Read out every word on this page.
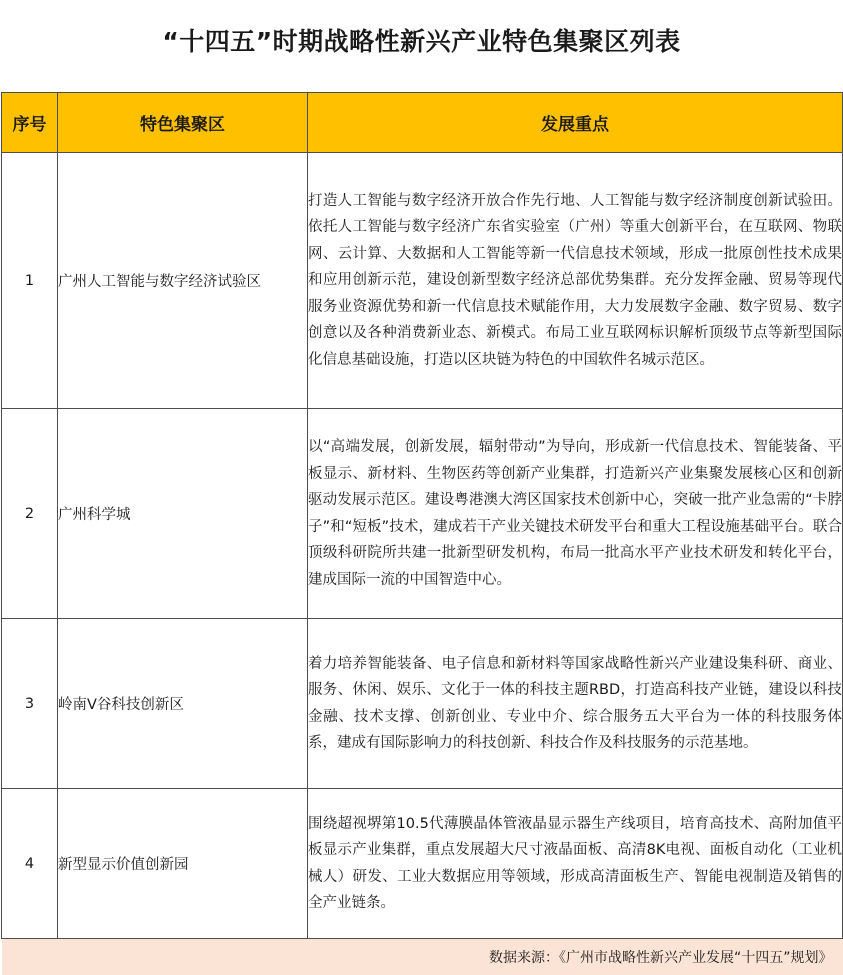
“十四五”时期战略性新兴产业特色集聚区列表
序号	特色集聚区	发展重点
1	广州人工智能与数字经济试验区	打造人工智能与数字经济开放合作先行地、人工智能与数字经济制度创新试验田。依托人工智能与数字经济广东省实验室（广州）等重大创新平台，在互联网、物联网、云计算、大数据和人工智能等新一代信息技术领域，形成一批原创性技术成果和应用创新示范，建设创新型数字经济总部优势集群。充分发挥金融、贸易等现代服务业资源优势和新一代信息技术赋能作用，大力发展数字金融、数字贸易、数字创意以及各种消费新业态、新模式。布局工业互联网标识解析顶级节点等新型国际化信息基础设施，打造以区块链为特色的中国软件名城示范区。
2	广州科学城	以“高端发展，创新发展，辐射带动”为导向，形成新一代信息技术、智能装备、平板显示、新材料、生物医药等创新产业集群，打造新兴产业集聚发展核心区和创新驱动发展示范区。建设粤港澳大湾区国家技术创新中心，突破一批产业急需的“卡脖子”和“短板”技术，建成若干产业关键技术研发平台和重大工程设施基础平台。联合顶级科研院所共建一批新型研发机构，布局一批高水平产业技术研发和转化平台，建成国际一流的中国智造中心。
3	岭南V谷科技创新区	着力培养智能装备、电子信息和新材料等国家战略性新兴产业建设集科研、商业、服务、休闲、娱乐、文化于一体的科技主题RBD，打造高科技产业链，建设以科技金融、技术支撑、创新创业、专业中介、综合服务五大平台为一体的科技服务体系，建成有国际影响力的科技创新、科技合作及科技服务的示范基地。
4	新型显示价值创新园	围绕超视堺第10.5代薄膜晶体管液晶显示器生产线项目，培育高技术、高附加值平板显示产业集群，重点发展超大尺寸液晶面板、高清8K电视、面板自动化（工业机械人）研发、工业大数据应用等领域，形成高清面板生产、智能电视制造及销售的全产业链条。
数据来源：《广州市战略性新兴产业发展“十四五”规划》		
